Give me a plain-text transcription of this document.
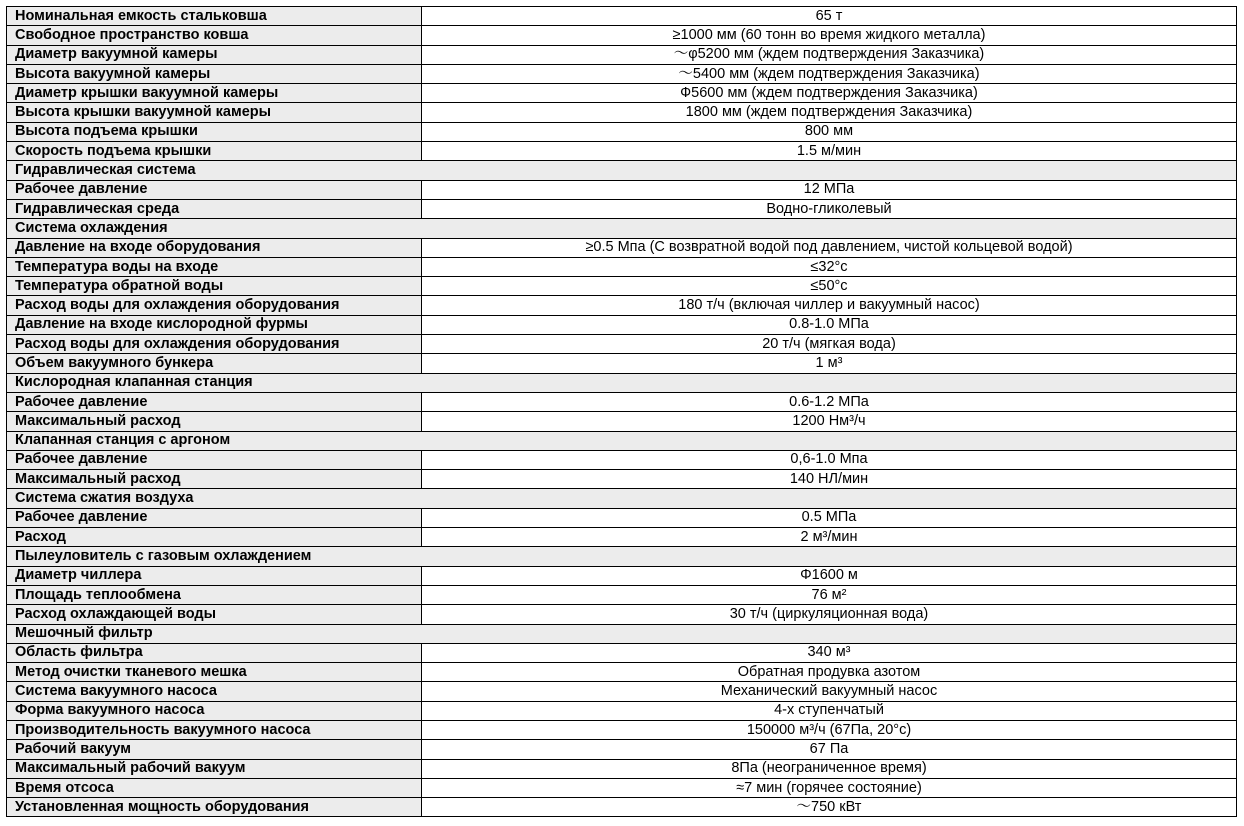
Номинальная емкость стальковша	65 т
Свободное пространство ковша	≥1000 мм (60 тонн во время жидкого металла)
Диаметр вакуумной камеры	～φ5200 мм (ждем подтверждения Заказчика)
Высота вакуумной камеры	～5400 мм (ждем подтверждения Заказчика)
Диаметр крышки вакуумной камеры	Ф5600 мм (ждем подтверждения Заказчика)
Высота крышки вакуумной камеры	1800 мм (ждем подтверждения Заказчика)
Высота подъема крышки	800 мм
Скорость подъема крышки	1.5 м/мин
Гидравлическая система	
Рабочее давление	12 МПа
Гидравлическая среда	Водно-гликолевый
Система охлаждения	
Давление на входе оборудования	≥0.5 Мпа (С возвратной водой под давлением, чистой кольцевой водой)
Температура воды на входе	≤32°c
Температура обратной воды	≤50°c
Расход воды для охлаждения оборудования	180 т/ч (включая чиллер и вакуумный насос)
Давление на входе кислородной фурмы	0.8-1.0 МПа
Расход воды для охлаждения оборудования	20 т/ч (мягкая вода)
Объем вакуумного бункера	1 м³
Кислородная клапанная станция	
Рабочее давление	0.6-1.2 МПа
Максимальный расход	1200 Нм³/ч
Клапанная станция с аргоном	
Рабочее давление	0,6-1.0 Мпа
Максимальный расход	140 НЛ/мин
Система сжатия воздуха	
Рабочее давление	0.5 МПа
Расход	2 м³/мин
Пылеуловитель с газовым охлаждением	
Диаметр чиллера	Φ1600 м
Площадь теплообмена	76 м²
Расход охлаждающей воды	30 т/ч (циркуляционная вода)
Мешочный фильтр	
Область фильтра	340 м³
Метод очистки тканевого мешка	Обратная продувка азотом
Система вакуумного насоса	Механический вакуумный насос
Форма вакуумного насоса	4-х ступенчатый
Производительность вакуумного насоса	150000 м³/ч (67Па, 20°c)
Рабочий вакуум	67 Па
Максимальный рабочий вакуум	8Па (неограниченное время)
Время отсоса	≈7 мин (горячее состояние)
Установленная мощность оборудования	～750 кВт
